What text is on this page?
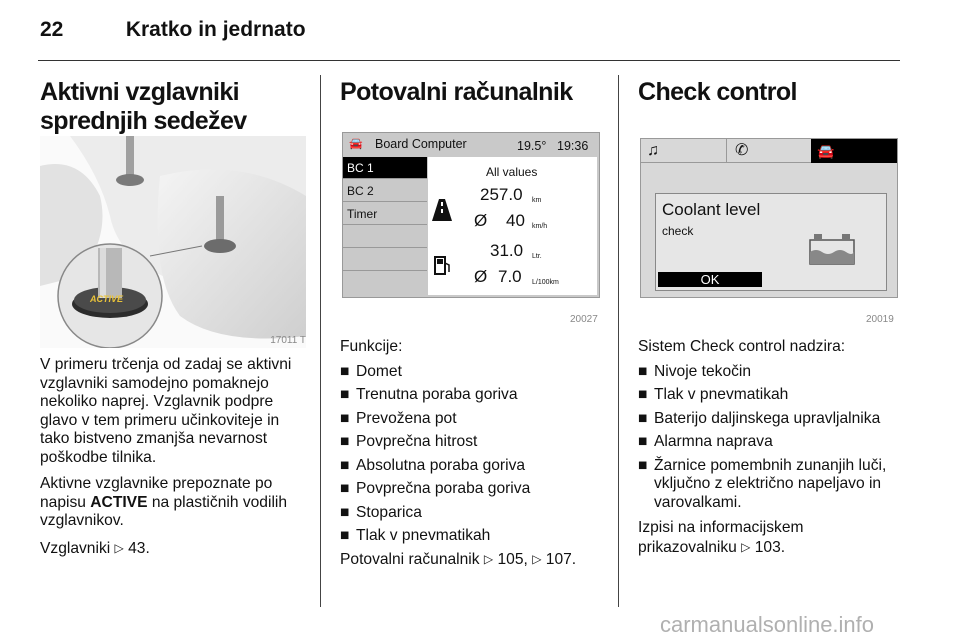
22	Kratko in jedrnato
Aktivni vzglavniki sprednjih sedežev
ACTIVE
17011 T

V primeru trčenja od zadaj se aktivni vzglavniki samodejno pomaknejo nekoliko naprej. Vzglavnik podpre glavo v tem primeru učinkoviteje in tako bistveno zmanjša nevarnost poškodbe tilnika.

Aktivne vzglavnike prepoznate po napisu ACTIVE na plastičnih vodilih vzglavnikov.

Vzglavniki ▷ 43.

Potovalni računalnik
🚘 Board Computer	19.5° 19:36
BC 1
BC 2
Timer
All values
257.0 km
Ø 40 km/h
31.0 Ltr.
Ø 7.0 L/100km
20027

Funkcije:

■ Domet
■ Trenutna poraba goriva
■ Prevožena pot
■ Povprečna hitrost
■ Absolutna poraba goriva
■ Povprečna poraba goriva
■ Stoparica
■ Tlak v pnevmatikah

Potovalni računalnik ▷ 105, ▷ 107.

Check control
♫	✆	🚘
Coolant level
check
OK
20019

Sistem Check control nadzira:

■ Nivoje tekočin
■ Tlak v pnevmatikah
■ Baterijo daljinskega upravljalnika
■ Alarmna naprava
■ Žarnice pomembnih zunanjih luči, vključno z električno napeljavo in varovalkami.

Izpisi na informacijskem prikazovalniku ▷ 103.

carmanualsonline.info
